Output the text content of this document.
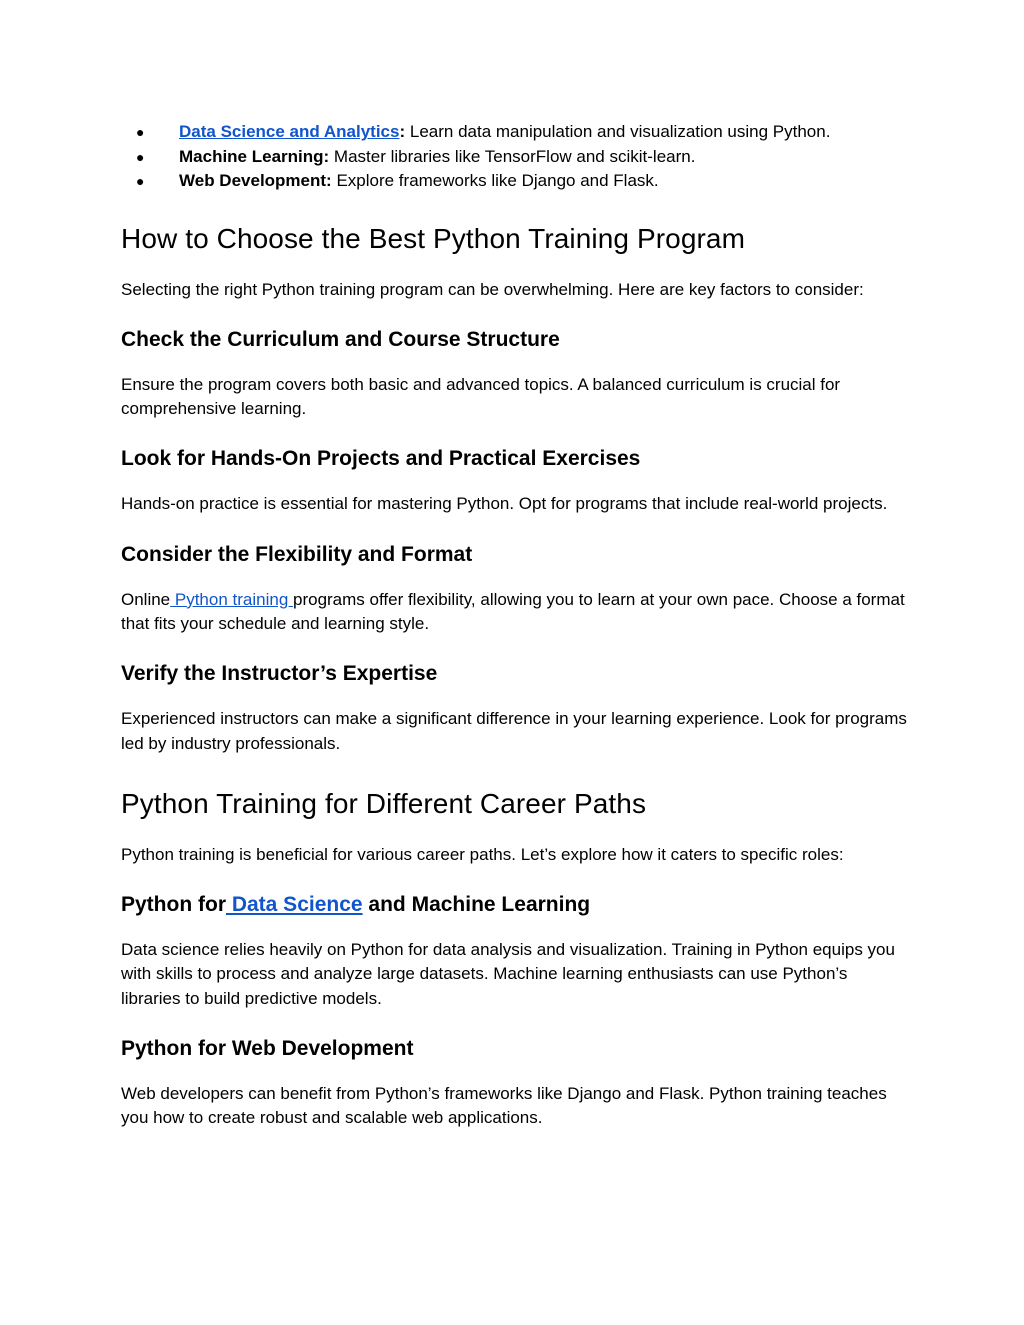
● Data Science and Analytics: Learn data manipulation and visualization using Python.
● Machine Learning: Master libraries like TensorFlow and scikit-learn.
● Web Development: Explore frameworks like Django and Flask.
How to Choose the Best Python Training Program

Selecting the right Python training program can be overwhelming. Here are key factors to consider:

Check the Curriculum and Course Structure

Ensure the program covers both basic and advanced topics. A balanced curriculum is crucial for comprehensive learning.

Look for Hands-On Projects and Practical Exercises

Hands-on practice is essential for mastering Python. Opt for programs that include real-world projects.

Consider the Flexibility and Format

Online Python training programs offer flexibility, allowing you to learn at your own pace. Choose a format that fits your schedule and learning style.

Verify the Instructor’s Expertise

Experienced instructors can make a significant difference in your learning experience. Look for programs led by industry professionals.

Python Training for Different Career Paths

Python training is beneficial for various career paths. Let’s explore how it caters to specific roles:

Python for Data Science and Machine Learning

Data science relies heavily on Python for data analysis and visualization. Training in Python equips you with skills to process and analyze large datasets. Machine learning enthusiasts can use Python’s libraries to build predictive models.

Python for Web Development

Web developers can benefit from Python’s frameworks like Django and Flask. Python training teaches you how to create robust and scalable web applications.
